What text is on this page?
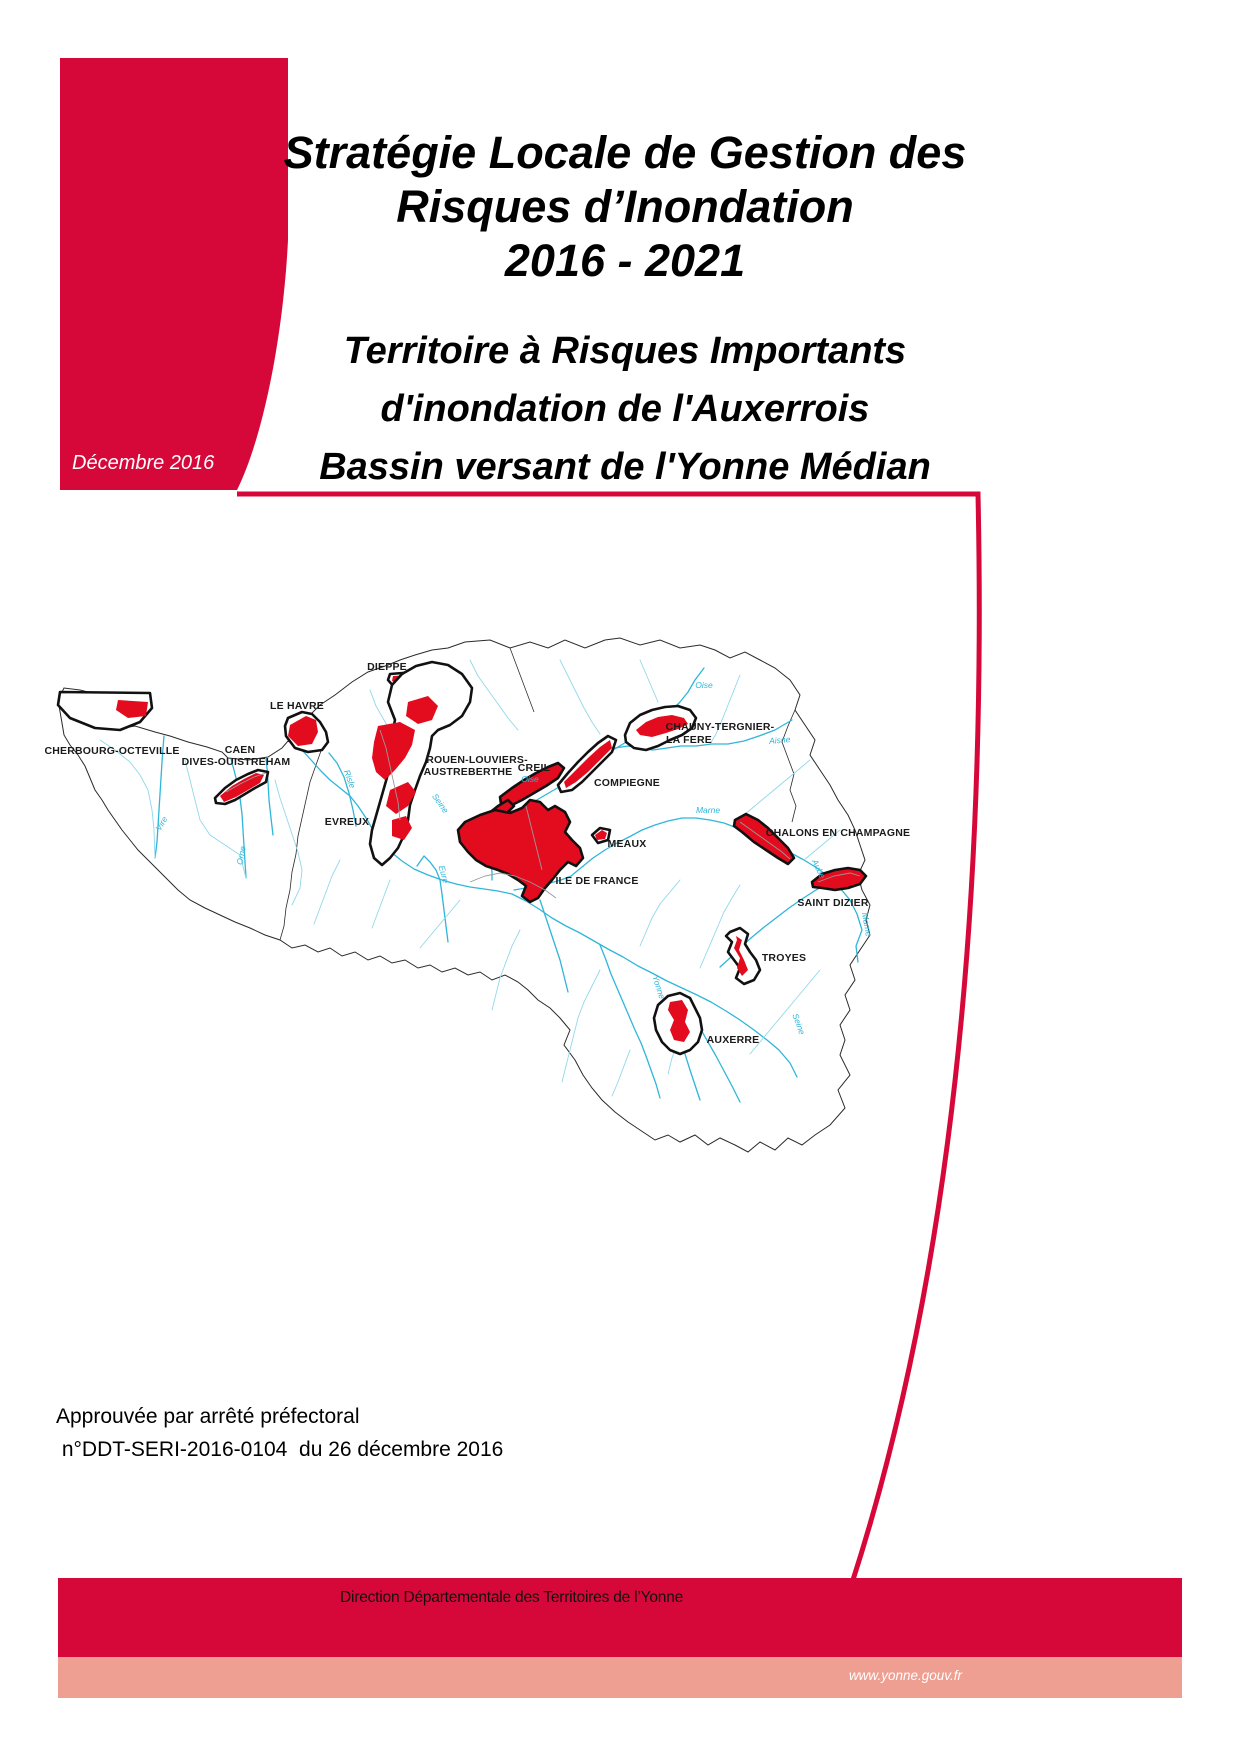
Décembre 2016
Stratégie Locale de Gestion des
Risques d’Inondation
2016 - 2021
Territoire à Risques Importants
d'inondation de l'Auxerrois
Bassin versant de l'Yonne Médian
DIEPPE
LE HAVRE
CHERBOURG-OCTEVILLE	CAEN
DIVES-OUISTREHAM	ROUEN-LOUVIERS-
AUSTREBERTHE CREIL
CHAUNY-TERGNIER-
LA FERE
COMPIEGNE
EVREUX
MEAUX
CHALONS EN CHAMPAGNE
ILE DE FRANCE
SAINT DIZIER
TROYES
AUXERRE
Oise
Oise
Aisne
Marne
Marne
Aube
Seine
Seine
Yonne
Eure
Vire
Orne
Risle
Approuvée par arrêté préfectoral
n°DDT-SERI-2016-0104  du 26 décembre 2016
Direction Départementale des Territoires de l’Yonne
www.yonne.gouv.fr
